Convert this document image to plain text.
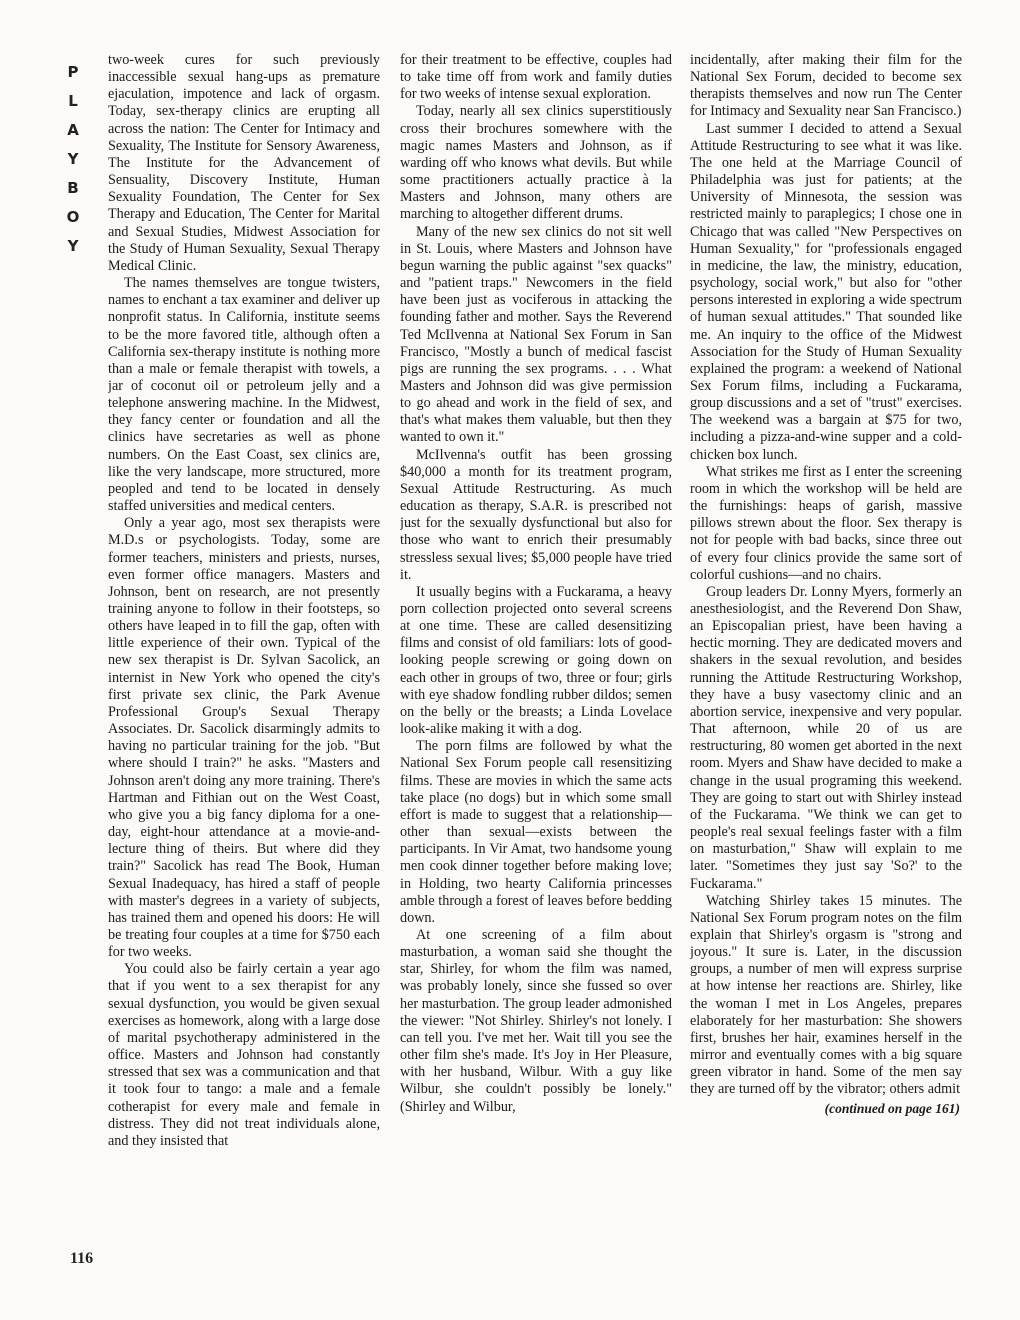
P
L
A
Y
B
O
Y
116

two-week cures for such previously inaccessible sexual hang-ups as premature ejaculation, impotence and lack of orgasm. Today, sex-therapy clinics are erupting all across the nation: The Center for Intimacy and Sexuality, The Institute for Sensory Awareness, The Institute for the Advancement of Sensuality, Discovery Institute, Human Sexuality Foundation, The Center for Sex Therapy and Education, The Center for Marital and Sexual Studies, Midwest Association for the Study of Human Sexuality, Sexual Therapy Medical Clinic.

The names themselves are tongue twisters, names to enchant a tax examiner and deliver up nonprofit status. In California, institute seems to be the more favored title, although often a California sex-therapy institute is nothing more than a male or female therapist with towels, a jar of coconut oil or petroleum jelly and a telephone answering machine. In the Midwest, they fancy center or foundation and all the clinics have secretaries as well as phone numbers. On the East Coast, sex clinics are, like the very landscape, more structured, more peopled and tend to be located in densely staffed universities and medical centers.

Only a year ago, most sex therapists were M.D.s or psychologists. Today, some are former teachers, ministers and priests, nurses, even former office managers. Masters and Johnson, bent on research, are not presently training anyone to follow in their footsteps, so others have leaped in to fill the gap, often with little experience of their own. Typical of the new sex therapist is Dr. Sylvan Sacolick, an internist in New York who opened the city's first private sex clinic, the Park Avenue Professional Group's Sexual Therapy Associates. Dr. Sacolick disarmingly admits to having no particular training for the job. "But where should I train?" he asks. "Masters and Johnson aren't doing any more training. There's Hartman and Fithian out on the West Coast, who give you a big fancy diploma for a one-day, eight-hour attendance at a movie-and-lecture thing of theirs. But where did they train?" Sacolick has read The Book, Human Sexual Inadequacy, has hired a staff of people with master's degrees in a variety of subjects, has trained them and opened his doors: He will be treating four couples at a time for $750 each for two weeks.

You could also be fairly certain a year ago that if you went to a sex therapist for any sexual dysfunction, you would be given sexual exercises as homework, along with a large dose of marital psychotherapy administered in the office. Masters and Johnson had constantly stressed that sex was a communication and that it took four to tango: a male and a female cotherapist for every male and female in distress. They did not treat individuals alone, and they insisted that

for their treatment to be effective, couples had to take time off from work and family duties for two weeks of intense sexual exploration.

Today, nearly all sex clinics superstitiously cross their brochures somewhere with the magic names Masters and Johnson, as if warding off who knows what devils. But while some practitioners actually practice à la Masters and Johnson, many others are marching to altogether different drums.

Many of the new sex clinics do not sit well in St. Louis, where Masters and Johnson have begun warning the public against "sex quacks" and "patient traps." Newcomers in the field have been just as vociferous in attacking the founding father and mother. Says the Reverend Ted McIlvenna at National Sex Forum in San Francisco, "Mostly a bunch of medical fascist pigs are running the sex programs. . . . What Masters and Johnson did was give permission to go ahead and work in the field of sex, and that's what makes them valuable, but then they wanted to own it."

McIlvenna's outfit has been grossing $40,000 a month for its treatment program, Sexual Attitude Restructuring. As much education as therapy, S.A.R. is prescribed not just for the sexually dysfunctional but also for those who want to enrich their presumably stressless sexual lives; $5,000 people have tried it.

It usually begins with a Fuckarama, a heavy porn collection projected onto several screens at one time. These are called desensitizing films and consist of old familiars: lots of good-looking people screwing or going down on each other in groups of two, three or four; girls with eye shadow fondling rubber dildos; semen on the belly or the breasts; a Linda Lovelace look-alike making it with a dog.

The porn films are followed by what the National Sex Forum people call resensitizing films. These are movies in which the same acts take place (no dogs) but in which some small effort is made to suggest that a relationship—other than sexual—exists between the participants. In Vir Amat, two handsome young men cook dinner together before making love; in Holding, two hearty California princesses amble through a forest of leaves before bedding down.

At one screening of a film about masturbation, a woman said she thought the star, Shirley, for whom the film was named, was probably lonely, since she fussed so over her masturbation. The group leader admonished the viewer: "Not Shirley. Shirley's not lonely. I can tell you. I've met her. Wait till you see the other film she's made. It's Joy in Her Pleasure, with her husband, Wilbur. With a guy like Wilbur, she couldn't possibly be lonely." (Shirley and Wilbur,

incidentally, after making their film for the National Sex Forum, decided to become sex therapists themselves and now run The Center for Intimacy and Sexuality near San Francisco.)

Last summer I decided to attend a Sexual Attitude Restructuring to see what it was like. The one held at the Marriage Council of Philadelphia was just for patients; at the University of Minnesota, the session was restricted mainly to paraplegics; I chose one in Chicago that was called "New Perspectives on Human Sexuality," for "professionals engaged in medicine, the law, the ministry, education, psychology, social work," but also for "other persons interested in exploring a wide spectrum of human sexual attitudes." That sounded like me. An inquiry to the office of the Midwest Association for the Study of Human Sexuality explained the program: a weekend of National Sex Forum films, including a Fuckarama, group discussions and a set of "trust" exercises. The weekend was a bargain at $75 for two, including a pizza-and-wine supper and a cold-chicken box lunch.

What strikes me first as I enter the screening room in which the workshop will be held are the furnishings: heaps of garish, massive pillows strewn about the floor. Sex therapy is not for people with bad backs, since three out of every four clinics provide the same sort of colorful cushions—and no chairs.

Group leaders Dr. Lonny Myers, formerly an anesthesiologist, and the Reverend Don Shaw, an Episcopalian priest, have been having a hectic morning. They are dedicated movers and shakers in the sexual revolution, and besides running the Attitude Restructuring Workshop, they have a busy vasectomy clinic and an abortion service, inexpensive and very popular. That afternoon, while 20 of us are restructuring, 80 women get aborted in the next room. Myers and Shaw have decided to make a change in the usual programing this weekend. They are going to start out with Shirley instead of the Fuckarama. "We think we can get to people's real sexual feelings faster with a film on masturbation," Shaw will explain to me later. "Sometimes they just say 'So?' to the Fuckarama."

Watching Shirley takes 15 minutes. The National Sex Forum program notes on the film explain that Shirley's orgasm is "strong and joyous." It sure is. Later, in the discussion groups, a number of men will express surprise at how intense her reactions are. Shirley, like the woman I met in Los Angeles, prepares elaborately for her masturbation: She showers first, brushes her hair, examines herself in the mirror and eventually comes with a big square green vibrator in hand. Some of the men say they are turned off by the vibrator; others admit

(continued on page 161)
